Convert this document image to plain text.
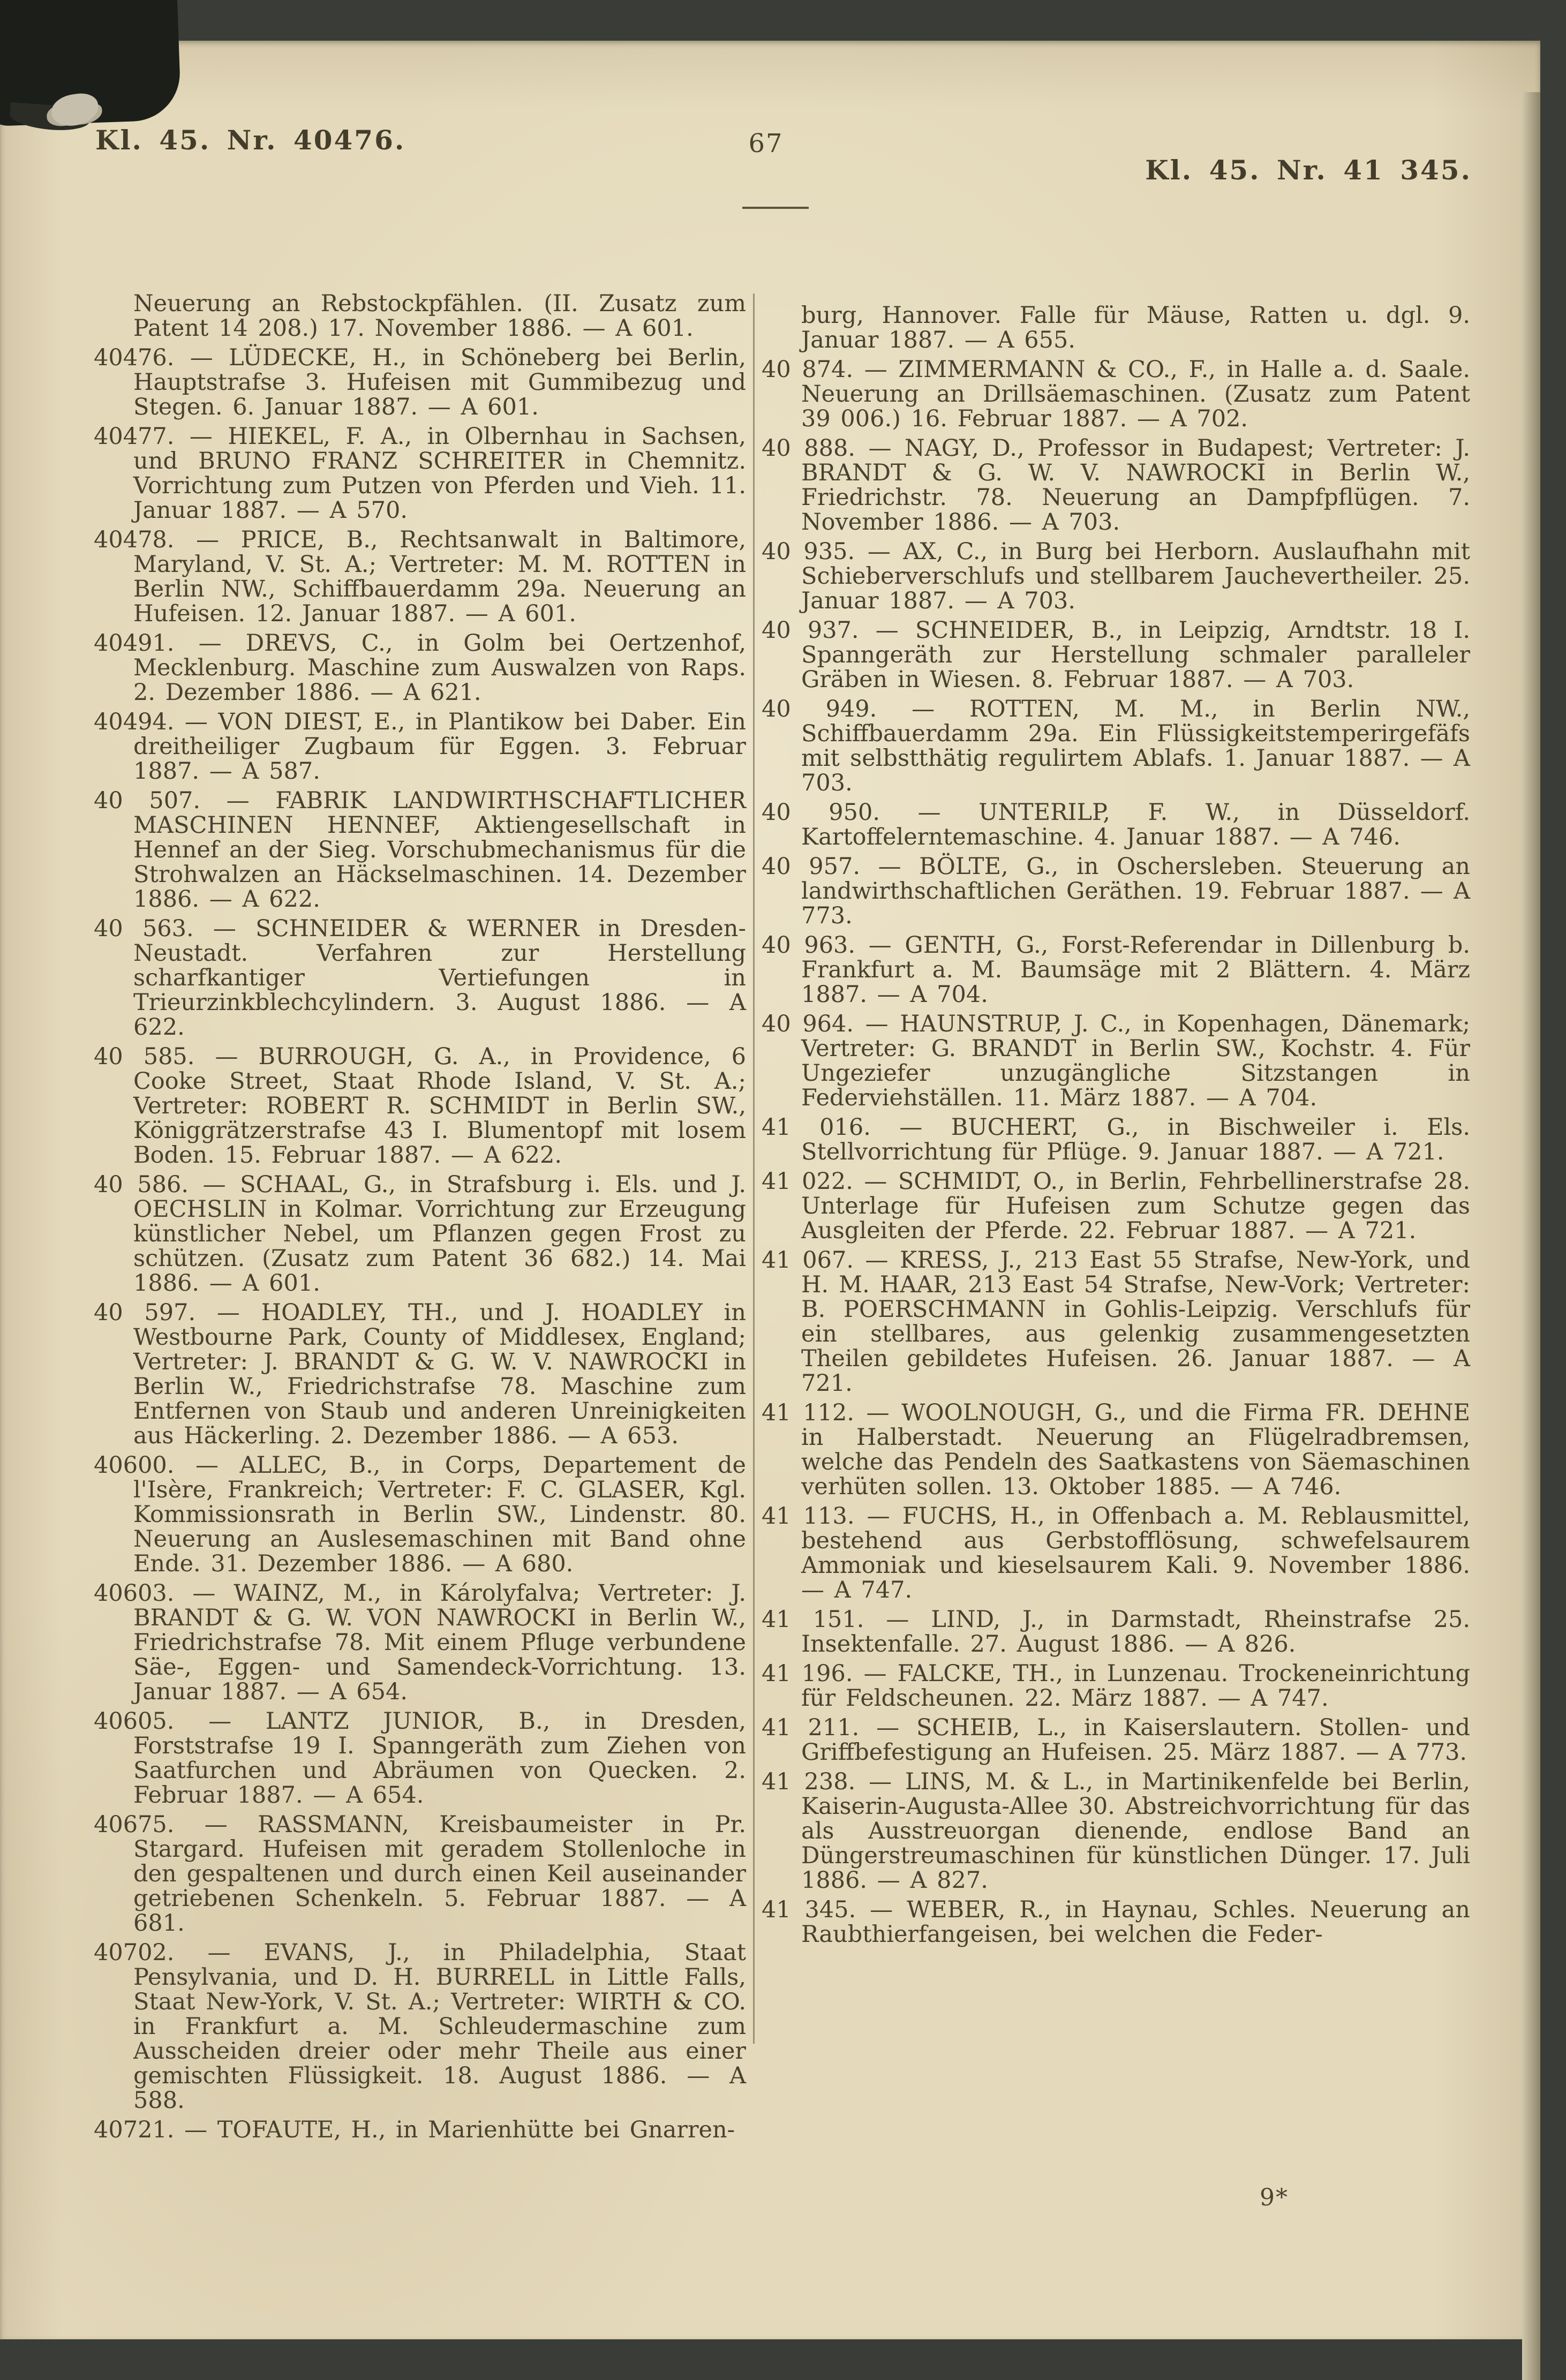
Kl. 45. Nr. 40476.	67
Kl. 45. Nr. 41 345.

Neuerung an Rebstockpfählen. (II. Zusatz zum Patent 14 208.) 17. November 1886. — A 601.

40476. — LÜDECKE, H., in Schöneberg bei Berlin, Hauptstrafse 3. Hufeisen mit Gummibezug und Stegen. 6. Januar 1887. — A 601.

40477. — HIEKEL, F. A., in Olbernhau in Sachsen, und BRUNO FRANZ SCHREITER in Chemnitz. Vorrichtung zum Putzen von Pferden und Vieh. 11. Januar 1887. — A 570.

40478. — PRICE, B., Rechtsanwalt in Baltimore, Maryland, V. St. A.; Vertreter: M. M. ROTTEN in Berlin NW., Schiffbauerdamm 29a. Neuerung an Hufeisen. 12. Januar 1887. — A 601.

40491. — DREVS, C., in Golm bei Oertzenhof, Mecklenburg. Maschine zum Auswalzen von Raps. 2. Dezember 1886. — A 621.

40494. — VON DIEST, E., in Plantikow bei Daber. Ein dreitheiliger Zugbaum für Eggen. 3. Februar 1887. — A 587.

40 507. — FABRIK LANDWIRTHSCHAFTLICHER MASCHINEN HENNEF, Aktiengesellschaft in Hennef an der Sieg. Vorschubmechanismus für die Strohwalzen an Häckselmaschinen. 14. Dezember 1886. — A 622.

40 563. — SCHNEIDER & WERNER in Dresden-Neustadt. Verfahren zur Herstellung scharfkantiger Vertiefungen in Trieurzinkblechcylindern. 3. August 1886. — A 622.

40 585. — BURROUGH, G. A., in Providence, 6 Cooke Street, Staat Rhode Island, V. St. A.; Vertreter: ROBERT R. SCHMIDT in Berlin SW., Königgrätzerstrafse 43 I. Blumentopf mit losem Boden. 15. Februar 1887. — A 622.

40 586. — SCHAAL, G., in Strafsburg i. Els. und J. OECHSLIN in Kolmar. Vorrichtung zur Erzeugung künstlicher Nebel, um Pflanzen gegen Frost zu schützen. (Zusatz zum Patent 36 682.) 14. Mai 1886. — A 601.

40 597. — HOADLEY, TH., und J. HOADLEY in Westbourne Park, County of Middlesex, England; Vertreter: J. BRANDT & G. W. V. NAWROCKI in Berlin W., Friedrichstrafse 78. Maschine zum Entfernen von Staub und anderen Unreinigkeiten aus Häckerling. 2. Dezember 1886. — A 653.

40600. — ALLEC, B., in Corps, Departement de l'Isère, Frankreich; Vertreter: F. C. GLASER, Kgl. Kommissionsrath in Berlin SW., Lindenstr. 80. Neuerung an Auslesemaschinen mit Band ohne Ende. 31. Dezember 1886. — A 680.

40603. — WAINZ, M., in Károlyfalva; Vertreter: J. BRANDT & G. W. VON NAWROCKI in Berlin W., Friedrichstrafse 78. Mit einem Pfluge verbundene Säe-, Eggen- und Samendeck-Vorrichtung. 13. Januar 1887. — A 654.

40605. — LANTZ JUNIOR, B., in Dresden, Forststrafse 19 I. Spanngeräth zum Ziehen von Saatfurchen und Abräumen von Quecken. 2. Februar 1887. — A 654.

40675. — RASSMANN, Kreisbaumeister in Pr. Stargard. Hufeisen mit geradem Stollenloche in den gespaltenen und durch einen Keil auseinander getriebenen Schenkeln. 5. Februar 1887. — A 681.

40702. — EVANS, J., in Philadelphia, Staat Pensylvania, und D. H. BURRELL in Little Falls, Staat New-York, V. St. A.; Vertreter: WIRTH & CO. in Frankfurt a. M. Schleudermaschine zum Ausscheiden dreier oder mehr Theile aus einer gemischten Flüssigkeit. 18. August 1886. — A 588.

40721. — TOFAUTE, H., in Marienhütte bei Gnarren-

burg, Hannover. Falle für Mäuse, Ratten u. dgl. 9. Januar 1887. — A 655.

40 874. — ZIMMERMANN & CO., F., in Halle a. d. Saale. Neuerung an Drillsäemaschinen. (Zusatz zum Patent 39 006.) 16. Februar 1887. — A 702.

40 888. — NAGY, D., Professor in Budapest; Vertreter: J. BRANDT & G. W. V. NAWROCKI in Berlin W., Friedrichstr. 78. Neuerung an Dampfpflügen. 7. November 1886. — A 703.

40 935. — AX, C., in Burg bei Herborn. Auslaufhahn mit Schieberverschlufs und stellbarem Jauchevertheiler. 25. Januar 1887. — A 703.

40 937. — SCHNEIDER, B., in Leipzig, Arndtstr. 18 I. Spanngeräth zur Herstellung schmaler paralleler Gräben in Wiesen. 8. Februar 1887. — A 703.

40 949. — ROTTEN, M. M., in Berlin NW., Schiffbauerdamm 29a. Ein Flüssigkeitstemperirgefäfs mit selbstthätig regulirtem Ablafs. 1. Januar 1887. — A 703.

40 950. — UNTERILP, F. W., in Düsseldorf. Kartoffelerntemaschine. 4. Januar 1887. — A 746.

40 957. — BÖLTE, G., in Oschersleben. Steuerung an landwirthschaftlichen Geräthen. 19. Februar 1887. — A 773.

40 963. — GENTH, G., Forst-Referendar in Dillenburg b. Frankfurt a. M. Baumsäge mit 2 Blättern. 4. März 1887. — A 704.

40 964. — HAUNSTRUP, J. C., in Kopenhagen, Dänemark; Vertreter: G. BRANDT in Berlin SW., Kochstr. 4. Für Ungeziefer unzugängliche Sitzstangen in Federviehställen. 11. März 1887. — A 704.

41 016. — BUCHERT, G., in Bischweiler i. Els. Stellvorrichtung für Pflüge. 9. Januar 1887. — A 721.

41 022. — SCHMIDT, O., in Berlin, Fehrbellinerstrafse 28. Unterlage für Hufeisen zum Schutze gegen das Ausgleiten der Pferde. 22. Februar 1887. — A 721.

41 067. — KRESS, J., 213 East 55 Strafse, New-York, und H. M. HAAR, 213 East 54 Strafse, New-Vork; Vertreter: B. POERSCHMANN in Gohlis-Leipzig. Verschlufs für ein stellbares, aus gelenkig zusammengesetzten Theilen gebildetes Hufeisen. 26. Januar 1887. — A 721.

41 112. — WOOLNOUGH, G., und die Firma FR. DEHNE in Halberstadt. Neuerung an Flügelradbremsen, welche das Pendeln des Saatkastens von Säemaschinen verhüten sollen. 13. Oktober 1885. — A 746.

41 113. — FUCHS, H., in Offenbach a. M. Reblausmittel, bestehend aus Gerbstofflösung, schwefelsaurem Ammoniak und kieselsaurem Kali. 9. November 1886. — A 747.

41 151. — LIND, J., in Darmstadt, Rheinstrafse 25. Insektenfalle. 27. August 1886. — A 826.

41 196. — FALCKE, TH., in Lunzenau. Trockeneinrichtung für Feldscheunen. 22. März 1887. — A 747.

41 211. — SCHEIB, L., in Kaiserslautern. Stollen- und Griffbefestigung an Hufeisen. 25. März 1887. — A 773.

41 238. — LINS, M. & L., in Martinikenfelde bei Berlin, Kaiserin-Augusta-Allee 30. Abstreichvorrichtung für das als Ausstreuorgan dienende, endlose Band an Düngerstreumaschinen für künstlichen Dünger. 17. Juli 1886. — A 827.

41 345. — WEBER, R., in Haynau, Schles. Neuerung an Raubthierfangeisen, bei welchen die Feder-

9*
